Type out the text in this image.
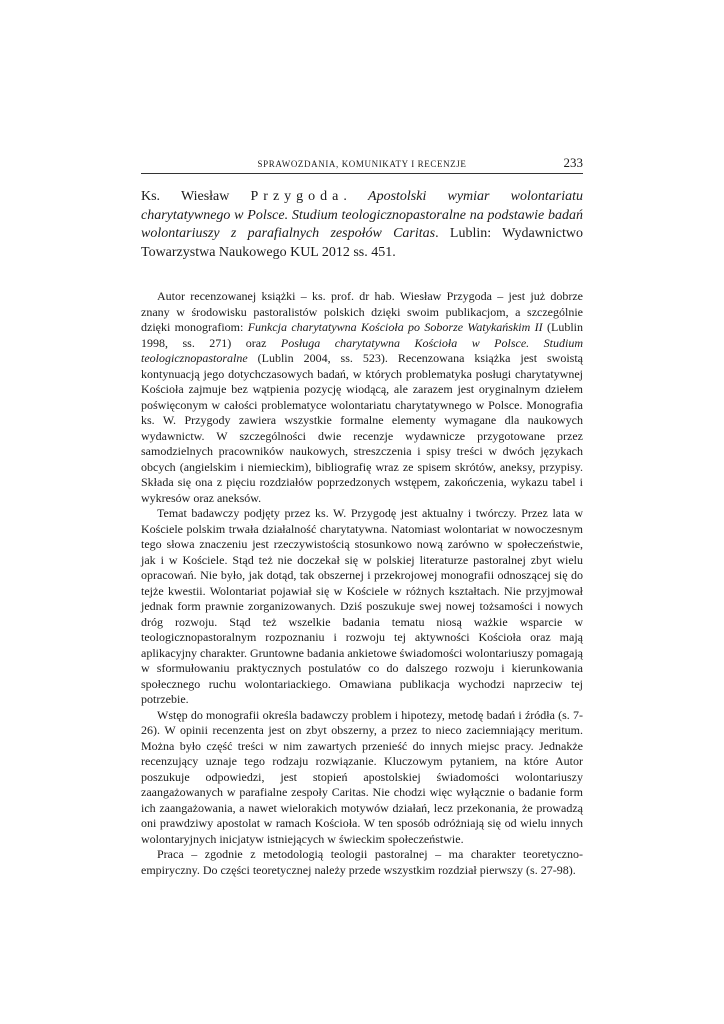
SPRAWOZDANIA, KOMUNIKATY I RECENZJE	233
Ks. Wiesław Przygoda. Apostolski wymiar wolontariatu charytatywnego w Polsce. Studium teologicznopastoralne na podstawie badań wolontariuszy z parafialnych zespołów Caritas. Lublin: Wydawnictwo Towarzystwa Naukowego KUL 2012 ss. 451.

Autor recenzowanej książki – ks. prof. dr hab. Wiesław Przygoda – jest już dobrze znany w środowisku pastoralistów polskich dzięki swoim publikacjom, a szczególnie dzięki monografiom: Funkcja charytatywna Kościoła po Soborze Watykańskim II (Lublin 1998, ss. 271) oraz Posługa charytatywna Kościoła w Polsce. Studium teologicznopastoralne (Lublin 2004, ss. 523). Recenzowana książka jest swoistą kontynuacją jego dotychczasowych badań, w których problematyka posługi charytatywnej Kościoła zajmuje bez wątpienia pozycję wiodącą, ale zarazem jest oryginalnym dziełem poświęconym w całości problematyce wolontariatu charytatywnego w Polsce. Monografia ks. W. Przygody zawiera wszystkie formalne elementy wymagane dla naukowych wydawnictw. W szczególności dwie recenzje wydawnicze przygotowane przez samodzielnych pracowników naukowych, streszczenia i spisy treści w dwóch językach obcych (angielskim i niemieckim), bibliografię wraz ze spisem skrótów, aneksy, przypisy. Składa się ona z pięciu rozdziałów poprzedzonych wstępem, zakończenia, wykazu tabel i wykresów oraz aneksów.

Temat badawczy podjęty przez ks. W. Przygodę jest aktualny i twórczy. Przez lata w Kościele polskim trwała działalność charytatywna. Natomiast wolontariat w nowoczesnym tego słowa znaczeniu jest rzeczywistością stosunkowo nową zarówno w społeczeństwie, jak i w Kościele. Stąd też nie doczekał się w polskiej literaturze pastoralnej zbyt wielu opracowań. Nie było, jak dotąd, tak obszernej i przekrojowej monografii odnoszącej się do tejże kwestii. Wolontariat pojawiał się w Kościele w różnych kształtach. Nie przyjmował jednak form prawnie zorganizowanych. Dziś poszukuje swej nowej tożsamości i nowych dróg rozwoju. Stąd też wszelkie badania tematu niosą ważkie wsparcie w teologicznopastoralnym rozpoznaniu i rozwoju tej aktywności Kościoła oraz mają aplikacyjny charakter. Gruntowne badania ankietowe świadomości wolontariuszy pomagają w sformułowaniu praktycznych postulatów co do dalszego rozwoju i kierunkowania społecznego ruchu wolontariackiego. Omawiana publikacja wychodzi naprzeciw tej potrzebie.

Wstęp do monografii określa badawczy problem i hipotezy, metodę badań i źródła (s. 7-26). W opinii recenzenta jest on zbyt obszerny, a przez to nieco zaciemniający meritum. Można było część treści w nim zawartych przenieść do innych miejsc pracy. Jednakże recenzujący uznaje tego rodzaju rozwiązanie. Kluczowym pytaniem, na które Autor poszukuje odpowiedzi, jest stopień apostolskiej świadomości wolontariuszy zaangażowanych w parafialne zespoły Caritas. Nie chodzi więc wyłącznie o badanie form ich zaangażowania, a nawet wielorakich motywów działań, lecz przekonania, że prowadzą oni prawdziwy apostolat w ramach Kościoła. W ten sposób odróżniają się od wielu innych wolontaryjnych inicjatyw istniejących w świeckim społeczeństwie.

Praca – zgodnie z metodologią teologii pastoralnej – ma charakter teoretyczno-empiryczny. Do części teoretycznej należy przede wszystkim rozdział pierwszy (s. 27-98).
